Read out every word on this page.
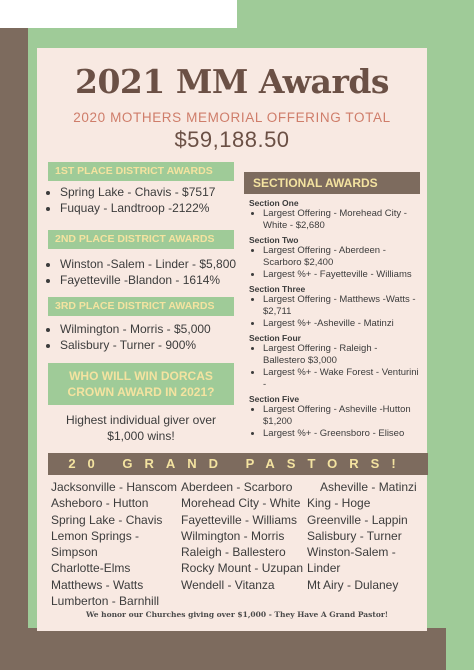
2021 MM Awards
2020 MOTHERS MEMORIAL OFFERING TOTAL
$59,188.50
1ST PLACE DISTRICT AWARDS
• Spring Lake - Chavis - $7517
• Fuquay - Landtroop -2122%
2ND PLACE DISTRICT AWARDS
• Winston -Salem - Linder - $5,800
• Fayetteville -Blandon - 1614%
3RD PLACE DISTRICT AWARDS
• Wilmington - Morris - $5,000
• Salisbury - Turner - 900%
WHO WILL WIN DORCAS CROWN AWARD IN 2021?
Highest individual giver over $1,000 wins!
SECTIONAL AWARDS
Section One
• Largest Offering - Morehead City - White - $2,680
Section Two
• Largest Offering - Aberdeen -Scarboro $2,400
• Largest %+ - Fayetteville - Williams
Section Three
• Largest Offering - Matthews -Watts - $2,711
• Largest %+ -Asheville - Matinzi
Section Four
• Largest Offering - Raleigh - Ballestero $3,000
• Largest %+ - Wake Forest - Venturini -
Section Five
• Largest Offering - Asheville -Hutton $1,200
• Largest %+ - Greensboro - Eliseo
20 GRAND PASTORS!
Jacksonville - Hanscom
Asheboro - Hutton
Spring Lake - Chavis
Lemon Springs - Simpson
Charlotte-Elms
Matthews - Watts
Lumberton - Barnhill
Aberdeen - Scarboro
Morehead City - White
Fayetteville - Williams
Wilmington - Morris
Raleigh - Ballestero
Rocky Mount - Uzupan
Wendell - Vitanza
Asheville - Matinzi
King - Hoge
Greenville - Lappin
Salisbury - Turner
Winston-Salem -Linder
Mt Airy - Dulaney
We honor our Churches giving over $1,000 - They Have A Grand Pastor!
